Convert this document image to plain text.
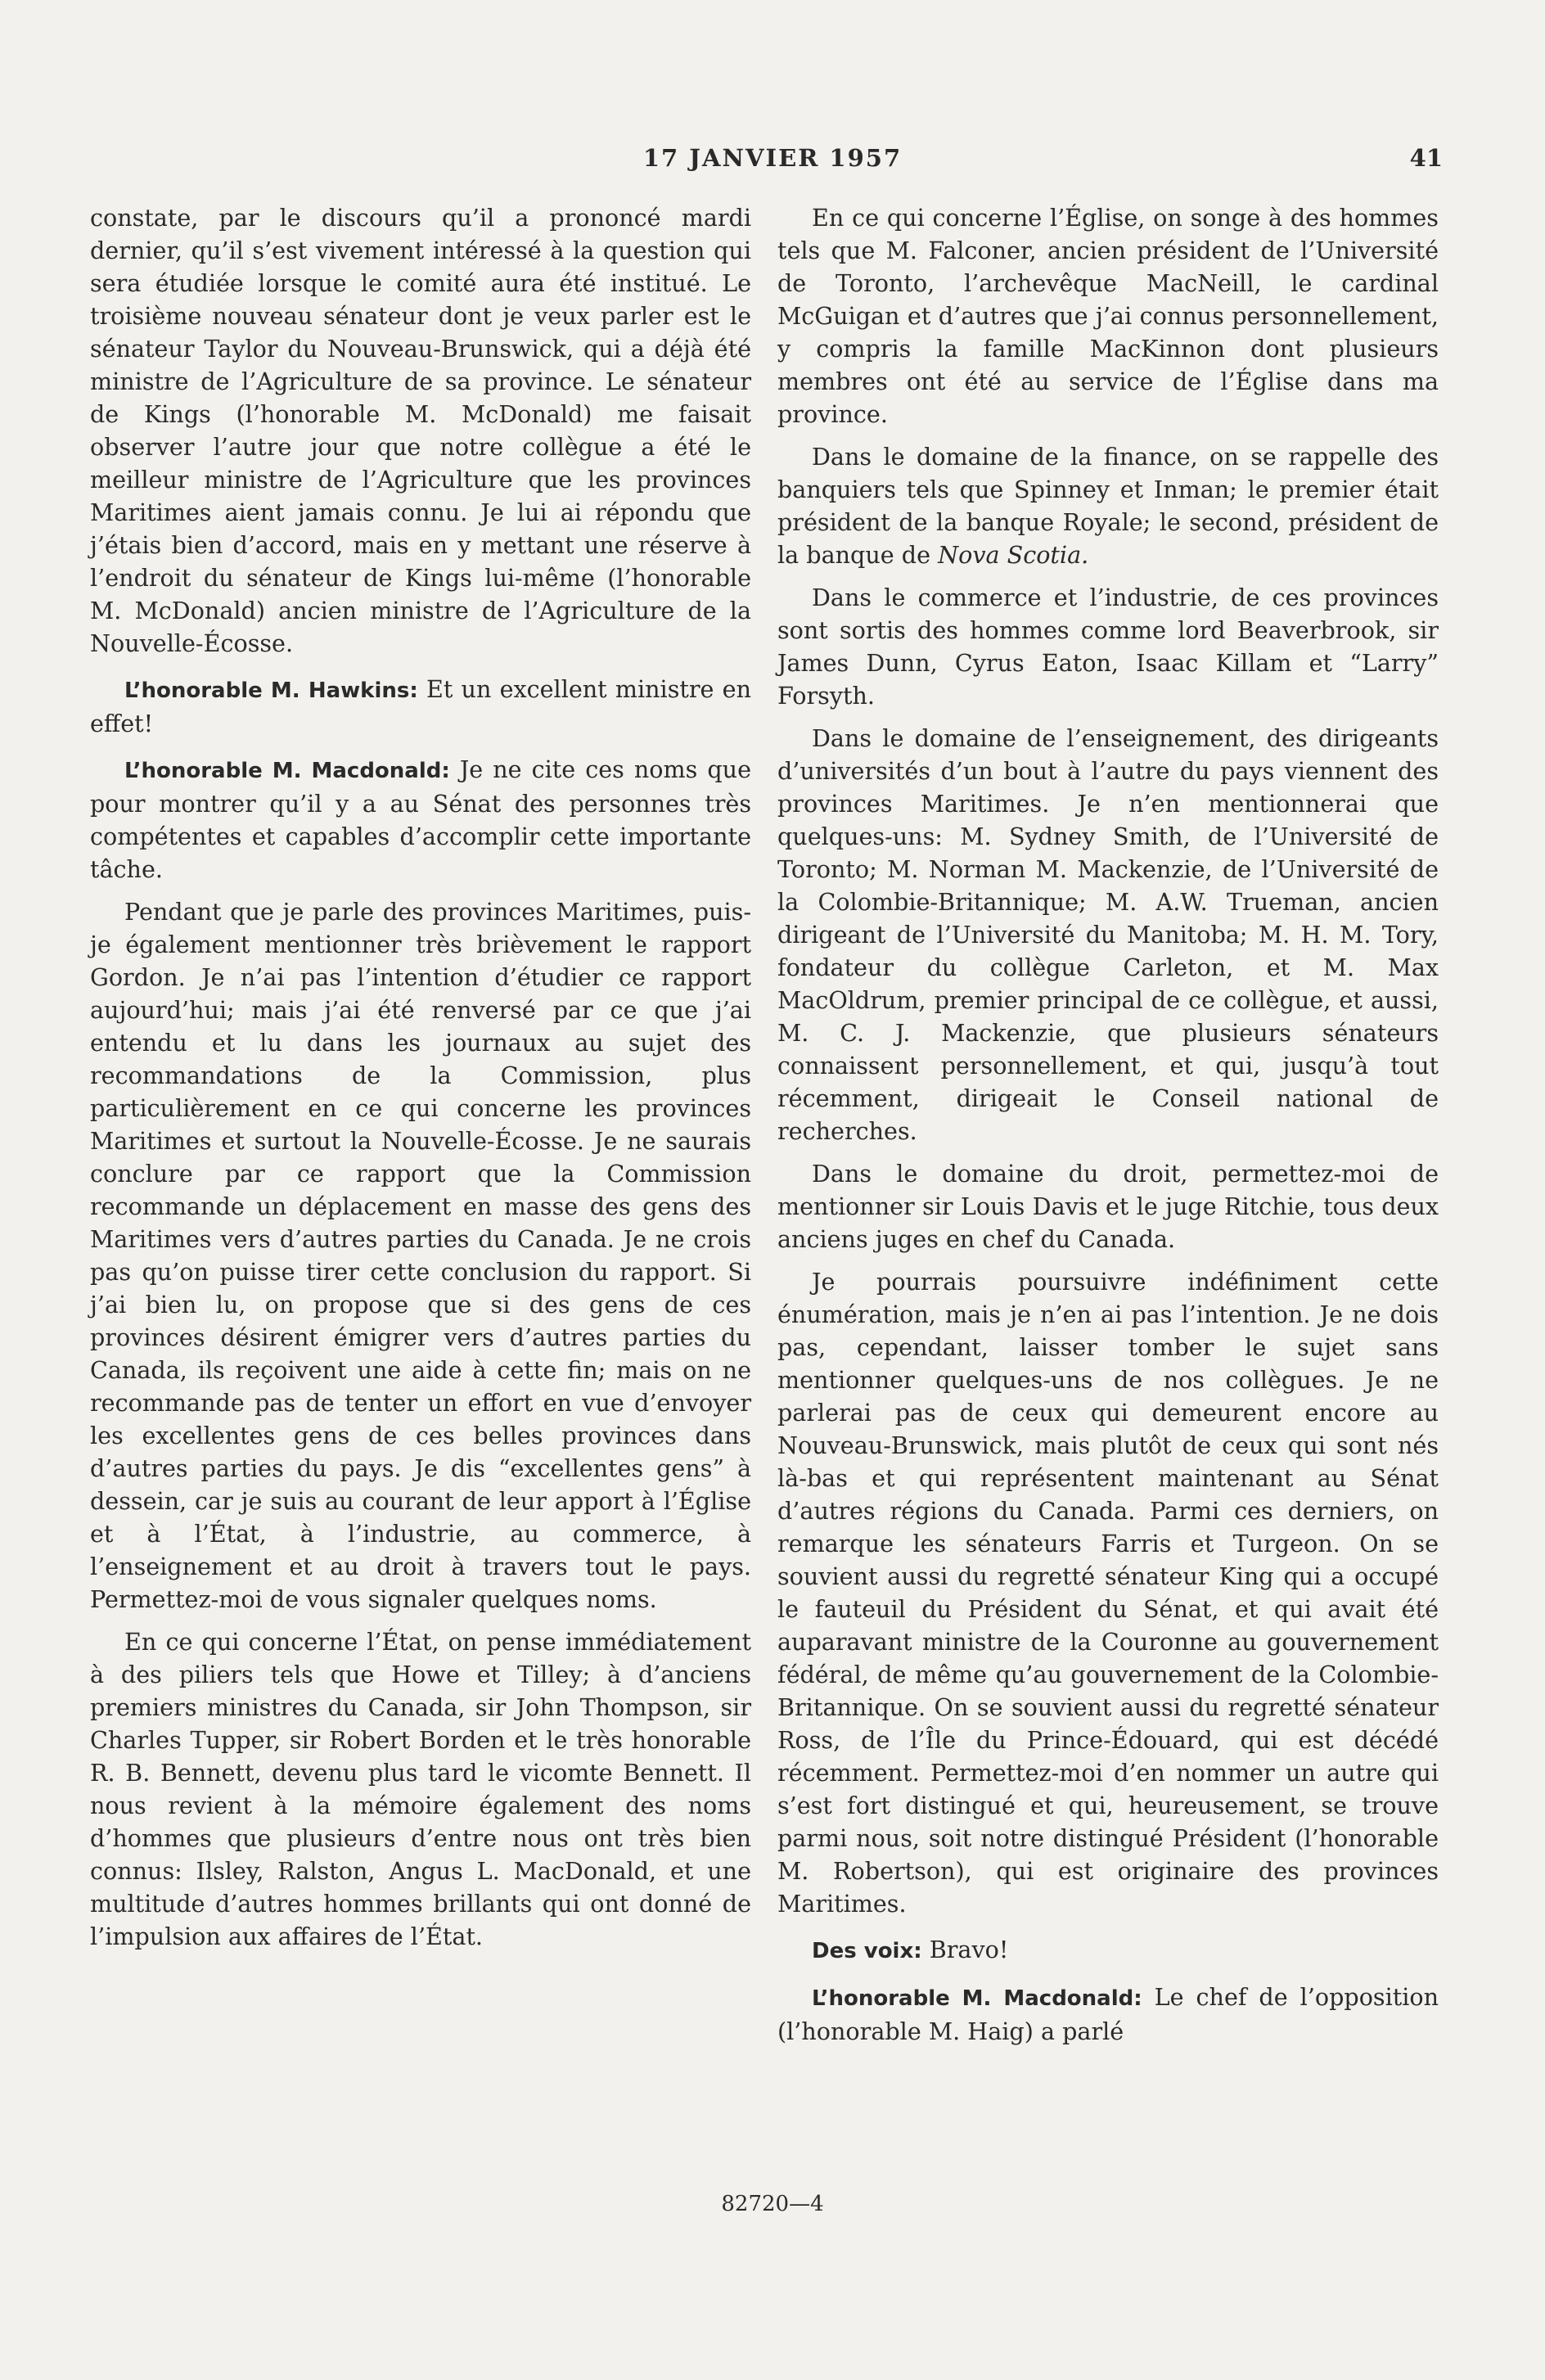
17 JANVIER 1957	41

constate, par le discours qu’il a prononcé mardi dernier, qu’il s’est vivement intéressé à la question qui sera étudiée lorsque le comité aura été institué. Le troisième nouveau sénateur dont je veux parler est le sénateur Taylor du Nouveau-Brunswick, qui a déjà été ministre de l’Agriculture de sa province. Le sénateur de Kings (l’honorable M. McDonald) me faisait observer l’autre jour que notre collègue a été le meilleur ministre de l’Agriculture que les provinces Maritimes aient jamais connu. Je lui ai répondu que j’étais bien d’accord, mais en y mettant une réserve à l’endroit du sénateur de Kings lui-même (l’honorable M. McDonald) ancien ministre de l’Agriculture de la Nouvelle-Écosse.

L’honorable M. Hawkins: Et un excellent ministre en effet!

L’honorable M. Macdonald: Je ne cite ces noms que pour montrer qu’il y a au Sénat des personnes très compétentes et capables d’accomplir cette importante tâche.

Pendant que je parle des provinces Maritimes, puis-je également mentionner très brièvement le rapport Gordon. Je n’ai pas l’intention d’étudier ce rapport aujourd’hui; mais j’ai été renversé par ce que j’ai entendu et lu dans les journaux au sujet des recommandations de la Commission, plus particulièrement en ce qui concerne les provinces Maritimes et surtout la Nouvelle-Écosse. Je ne saurais conclure par ce rapport que la Commission recommande un déplacement en masse des gens des Maritimes vers d’autres parties du Canada. Je ne crois pas qu’on puisse tirer cette conclusion du rapport. Si j’ai bien lu, on propose que si des gens de ces provinces désirent émigrer vers d’autres parties du Canada, ils reçoivent une aide à cette fin; mais on ne recommande pas de tenter un effort en vue d’envoyer les excellentes gens de ces belles provinces dans d’autres parties du pays. Je dis “excellentes gens” à dessein, car je suis au courant de leur apport à l’Église et à l’État, à l’industrie, au commerce, à l’enseignement et au droit à travers tout le pays. Permettez-moi de vous signaler quelques noms.

En ce qui concerne l’État, on pense immédiatement à des piliers tels que Howe et Tilley; à d’anciens premiers ministres du Canada, sir John Thompson, sir Charles Tupper, sir Robert Borden et le très honorable R. B. Bennett, devenu plus tard le vicomte Bennett. Il nous revient à la mémoire également des noms d’hommes que plusieurs d’entre nous ont très bien connus: Ilsley, Ralston, Angus L. MacDonald, et une multitude d’autres hommes brillants qui ont donné de l’impulsion aux affaires de l’État.

En ce qui concerne l’Église, on songe à des hommes tels que M. Falconer, ancien président de l’Université de Toronto, l’archevêque MacNeill, le cardinal McGuigan et d’autres que j’ai connus personnellement, y compris la famille MacKinnon dont plusieurs membres ont été au service de l’Église dans ma province.

Dans le domaine de la finance, on se rappelle des banquiers tels que Spinney et Inman; le premier était président de la banque Royale; le second, président de la banque de Nova Scotia.

Dans le commerce et l’industrie, de ces provinces sont sortis des hommes comme lord Beaverbrook, sir James Dunn, Cyrus Eaton, Isaac Killam et “Larry” Forsyth.

Dans le domaine de l’enseignement, des dirigeants d’universités d’un bout à l’autre du pays viennent des provinces Maritimes. Je n’en mentionnerai que quelques-uns: M. Sydney Smith, de l’Université de Toronto; M. Norman M. Mackenzie, de l’Université de la Colombie-Britannique; M. A.W. Trueman, ancien dirigeant de l’Université du Manitoba; M. H. M. Tory, fondateur du collègue Carleton, et M. Max MacOldrum, premier principal de ce collègue, et aussi, M. C. J. Mackenzie, que plusieurs sénateurs connaissent personnellement, et qui, jusqu’à tout récemment, dirigeait le Conseil national de recherches.

Dans le domaine du droit, permettez-moi de mentionner sir Louis Davis et le juge Ritchie, tous deux anciens juges en chef du Canada.

Je pourrais poursuivre indéfiniment cette énumération, mais je n’en ai pas l’intention. Je ne dois pas, cependant, laisser tomber le sujet sans mentionner quelques-uns de nos collègues. Je ne parlerai pas de ceux qui demeurent encore au Nouveau-Brunswick, mais plutôt de ceux qui sont nés là-bas et qui représentent maintenant au Sénat d’autres régions du Canada. Parmi ces derniers, on remarque les sénateurs Farris et Turgeon. On se souvient aussi du regretté sénateur King qui a occupé le fauteuil du Président du Sénat, et qui avait été auparavant ministre de la Couronne au gouvernement fédéral, de même qu’au gouvernement de la Colombie-Britannique. On se souvient aussi du regretté sénateur Ross, de l’Île du Prince-Édouard, qui est décédé récemment. Permettez-moi d’en nommer un autre qui s’est fort distingué et qui, heureusement, se trouve parmi nous, soit notre distingué Président (l’honorable M. Robertson), qui est originaire des provinces Maritimes.

Des voix: Bravo!

L’honorable M. Macdonald: Le chef de l’opposition (l’honorable M. Haig) a parlé

82720—4
